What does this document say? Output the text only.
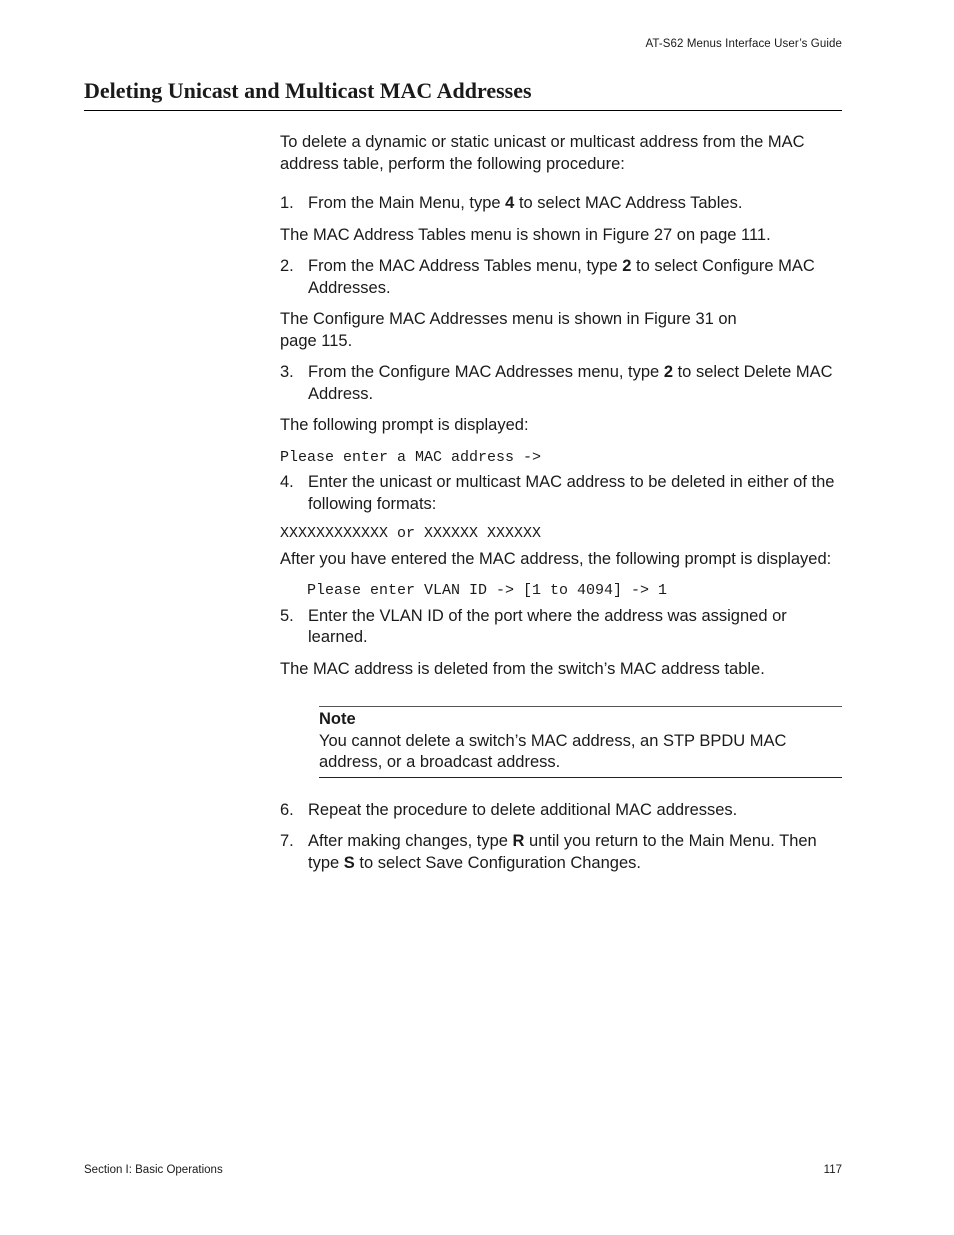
AT-S62 Menus Interface User’s Guide
Deleting Unicast and Multicast MAC Addresses

To delete a dynamic or static unicast or multicast address from the MAC address table, perform the following procedure:

1. From the Main Menu, type 4 to select MAC Address Tables.

The MAC Address Tables menu is shown in Figure 27 on page 111.

2. From the MAC Address Tables menu, type 2 to select Configure MAC Addresses.

The Configure MAC Addresses menu is shown in Figure 31 on page 115.

3. From the Configure MAC Addresses menu, type 2 to select Delete MAC Address.

The following prompt is displayed:

Please enter a MAC address ->

4. Enter the unicast or multicast MAC address to be deleted in either of the following formats:

XXXXXXXXXXXX or XXXXXX XXXXXX

After you have entered the MAC address, the following prompt is displayed:

Please enter VLAN ID -> [1 to 4094] -> 1

5. Enter the VLAN ID of the port where the address was assigned or learned.

The MAC address is deleted from the switch’s MAC address table.

Note
You cannot delete a switch’s MAC address, an STP BPDU MAC address, or a broadcast address.
6. Repeat the procedure to delete additional MAC addresses.
7. After making changes, type R until you return to the Main Menu. Then type S to select Save Configuration Changes.
Section I: Basic Operations	117
